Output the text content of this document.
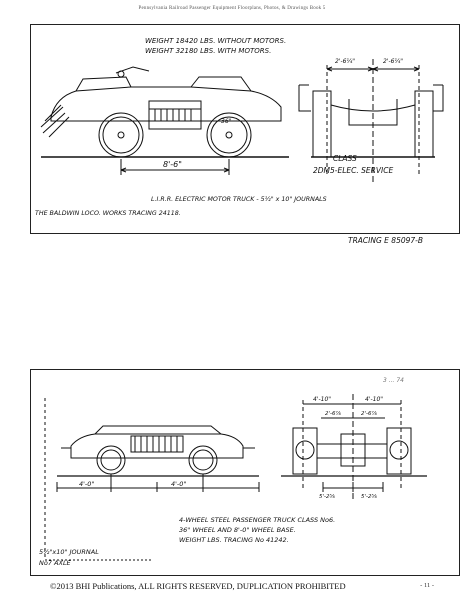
Pennsylvania Railroad Passenger Equipment Floorplans, Photos, & Drawings Book 5
WEIGHT 18420 LBS. WITHOUT MOTORS.
WEIGHT 32180 LBS. WITH MOTORS.
2'-6¼"	2'-6¼"
36"
8'-6"
CLASS
2DM5-ELEC. SERVICE
L.I.R.R. ELECTRIC MOTOR TRUCK - 5½" x 10" JOURNALS
THE BALDWIN LOCO. WORKS TRACING 24118.
TRACING E 85097-B
3 ... 74
4'-10"	4'-10"
2'-6⅞	2'-6⅞
4'-0"	4'-0"
5'-2⅝	5'-2⅝
4-WHEEL STEEL PASSENGER TRUCK CLASS No6.
36" WHEEL AND 8'-0" WHEEL BASE.
WEIGHT LBS. TRACING No 41242.
5½"x10" JOURNAL
No7 AXLE
©2013 BHI Publications, ALL RIGHTS RESERVED, DUPLICATION PROHIBITED	- 11 -
